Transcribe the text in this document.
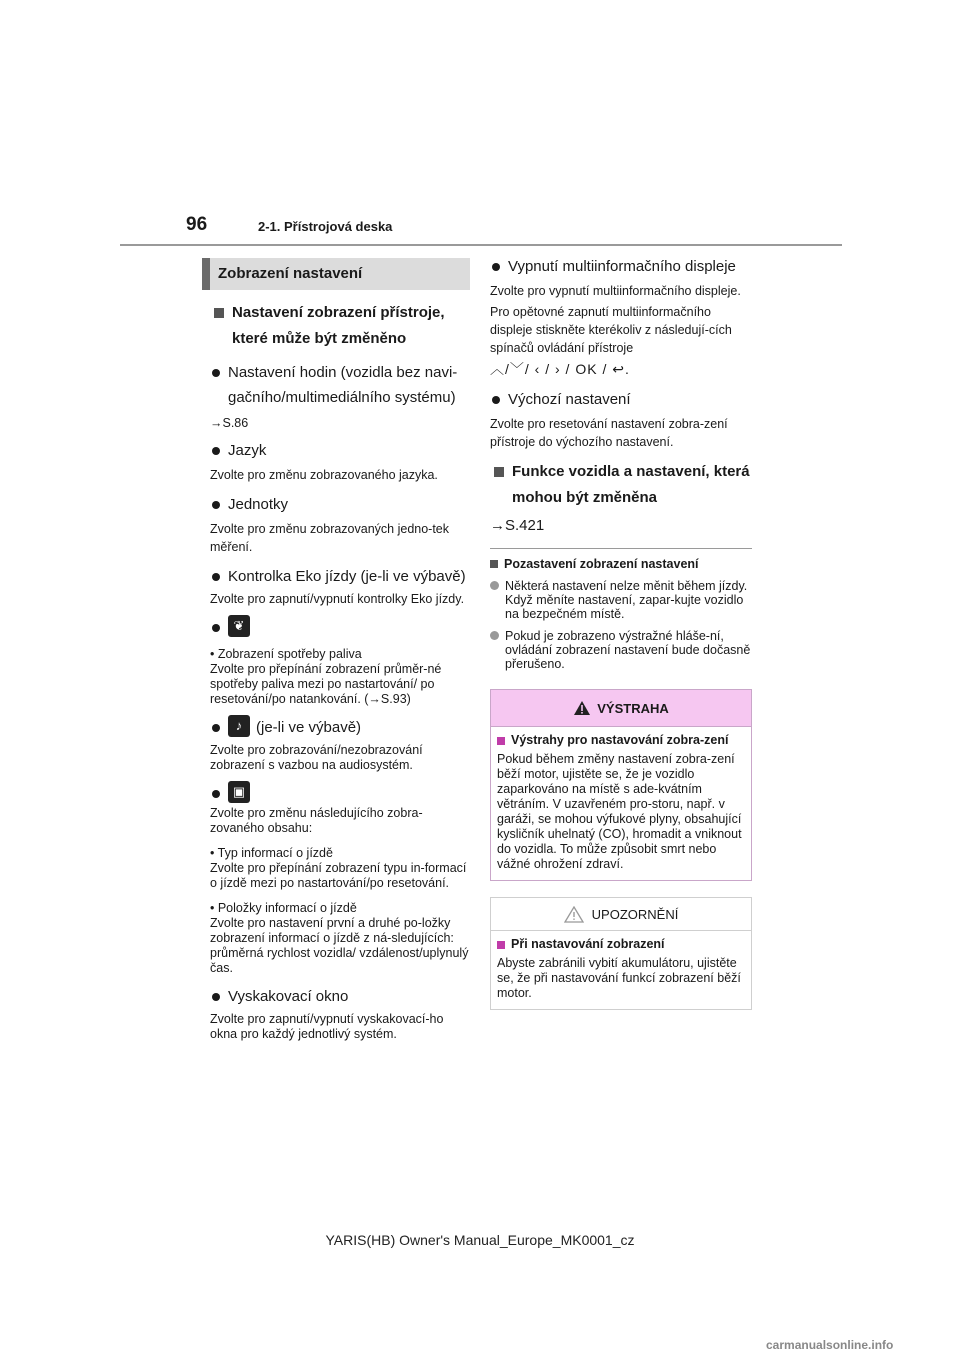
96	2-1. Přístrojová deska
Zobrazení nastavení
Nastavení zobrazení přístroje, které může být změněno
Nastavení hodin (vozidla bez navi-gačního/multimediálního systému)
→S.86
Jazyk
Zvolte pro změnu zobrazovaného jazyka.
Jednotky
Zvolte pro změnu zobrazovaných jedno-tek měření.
Kontrolka Eko jízdy (je-li ve výbavě)
Zvolte pro zapnutí/vypnutí kontrolky Eko jízdy.
❦
• Zobrazení spotřeby paliva
Zvolte pro přepínání zobrazení průměr-né spotřeby paliva mezi po nastartování/ po resetování/po natankování. (→S.93)
♪ (je-li ve výbavě)
Zvolte pro zobrazování/nezobrazování zobrazení s vazbou na audiosystém.
▣
Zvolte pro změnu následujícího zobra-zovaného obsahu:
• Typ informací o jízdě
Zvolte pro přepínání zobrazení typu in-formací o jízdě mezi po nastartování/po resetování.
• Položky informací o jízdě
Zvolte pro nastavení první a druhé po-ložky zobrazení informací o jízdě z ná-sledujících: průměrná rychlost vozidla/ vzdálenost/uplynulý čas.
Vyskakovací okno
Zvolte pro zapnutí/vypnutí vyskakovací-ho okna pro každý jednotlivý systém.
Vypnutí multiinformačního displeje
Zvolte pro vypnutí multiinformačního displeje.
Pro opětovné zapnutí multiinformačního displeje stiskněte kterékoliv z následují-cích spínačů ovládání přístroje
︿/﹀/ ‹ / › / OK / ↩.
Výchozí nastavení
Zvolte pro resetování nastavení zobra-zení přístroje do výchozího nastavení.
Funkce vozidla a nastavení, která mohou být změněna
→S.421
Pozastavení zobrazení nastavení
Některá nastavení nelze měnit během jízdy. Když měníte nastavení, zapar-kujte vozidlo na bezpečném místě.
Pokud je zobrazeno výstražné hláše-ní, ovládání zobrazení nastavení bude dočasně přerušeno.
VÝSTRAHA
Výstrahy pro nastavování zobra-zení
Pokud během změny nastavení zobra-zení běží motor, ujistěte se, že je vozidlo zaparkováno na místě s ade-kvátním větráním. V uzavřeném pro-storu, např. v garáži, se mohou výfukové plyny, obsahující kysličník uhelnatý (CO), hromadit a vniknout do vozidla. To může způsobit smrt nebo vážné ohrožení zdraví.
UPOZORNĚNÍ
Při nastavování zobrazení
Abyste zabránili vybití akumulátoru, ujistěte se, že při nastavování funkcí zobrazení běží motor.
YARIS(HB) Owner's Manual_Europe_MK0001_cz
carmanualsonline.info
